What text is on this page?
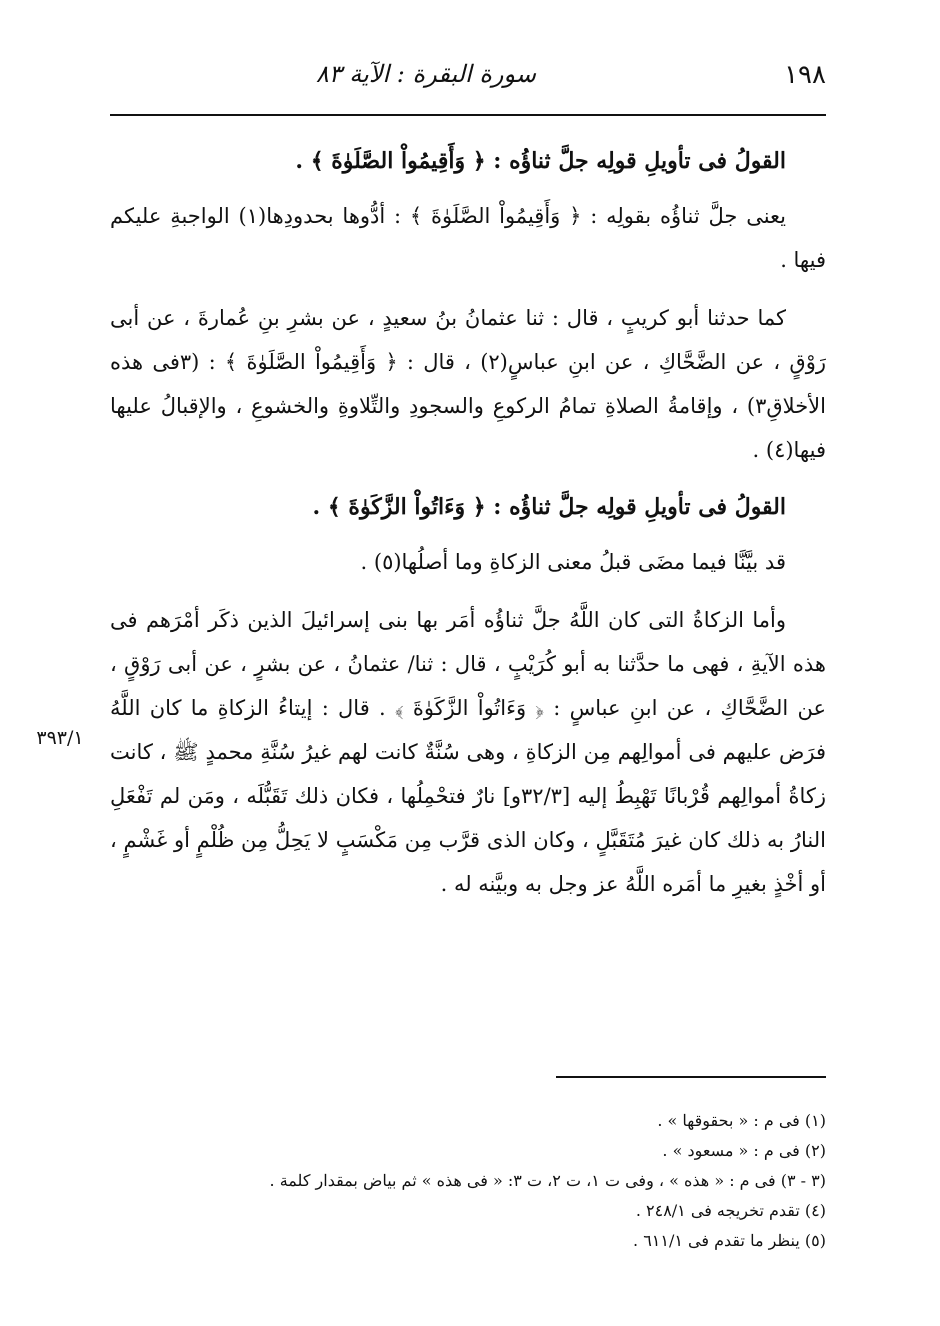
١٩٨
سورة البقرة : الآية ٨٣

القولُ فى تأويلِ قولِه جلَّ ثناؤُه : ﴿ وَأَقِيمُواْ الصَّلَوٰةَ ﴾ .

يعنى جلَّ ثناؤُه بقولِه : ﴿ وَأَقِيمُواْ الصَّلَوٰةَ ﴾ : أدُّوها بحدودِها(١) الواجبةِ عليكم فيها .

كما حدثنا أبو كريبٍ ، قال : ثنا عثمانُ بنُ سعيدٍ ، عن بشرِ بنِ عُمارةَ ، عن أبى رَوْقٍ ، عن الضَّحَّاكِ ، عن ابنِ عباسٍ(٢) ، قال : ﴿ وَأَقِيمُواْ الصَّلَوٰةَ ﴾ : (٣فى هذه الأخلاقِ٣) ، وإقامةُ الصلاةِ تمامُ الركوعِ والسجودِ والتِّلاوةِ والخشوعِ ، والإقبالُ عليها فيها(٤) .

القولُ فى تأويلِ قولِه جلَّ ثناؤُه : ﴿ وَءَاتُواْ الزَّكَوٰةَ ﴾ .

قد بيَّنَّا فيما مضَى قبلُ معنى الزكاةِ وما أصلُها(٥) .

وأما الزكاةُ التى كان اللَّهُ جلَّ ثناؤُه أمَر بها بنى إسرائيلَ الذين ذكَر أمْرَهم فى هذه الآيةِ ، فهى ما حدَّثنا به أبو كُرَيْبٍ ، قال : ثنا/ عثمانُ ، عن بشرٍ ، عن أبى رَوْقٍ ، عن الضَّحَّاكِ ، عن ابنِ عباسٍ : ﴿ وَءَاتُواْ الزَّكَوٰةَ ﴾ . قال : إيتاءُ الزكاةِ ما كان اللَّهُ فرَض عليهم فى أموالِهم مِن الزكاةِ ، وهى سُنَّةٌ كانت لهم غيرُ سُنَّةِ محمدٍ ﷺ ، كانت زكاةُ أموالِهم قُرْبانًا تَهْبِطُ إليه [٣٢/٣و] نارٌ فتحْمِلُها ، فكان ذلك تَقَبُّلَه ، ومَن لم تَفْعَلِ النارُ به ذلك كان غيرَ مُتَقَبَّلٍ ، وكان الذى قرَّب مِن مَكْسَبٍ لا يَحِلُّ مِن ظُلْمٍ أو غَشْمٍ ، أو أخْذٍ بغيرِ ما أمَره اللَّهُ عز وجل به وبيَّنه له .

٣٩٣/١

(١) فى م : « بحقوقها » .

(٢) فى م : « مسعود » .

(٣ - ٣) فى م : « هذه » ، وفى ت ١، ت ٢، ت ٣: « فى هذه » ثم بياض بمقدار كلمة .

(٤) تقدم تخريجه فى ٢٤٨/١ .

(٥) ينظر ما تقدم فى ٦١١/١ .
